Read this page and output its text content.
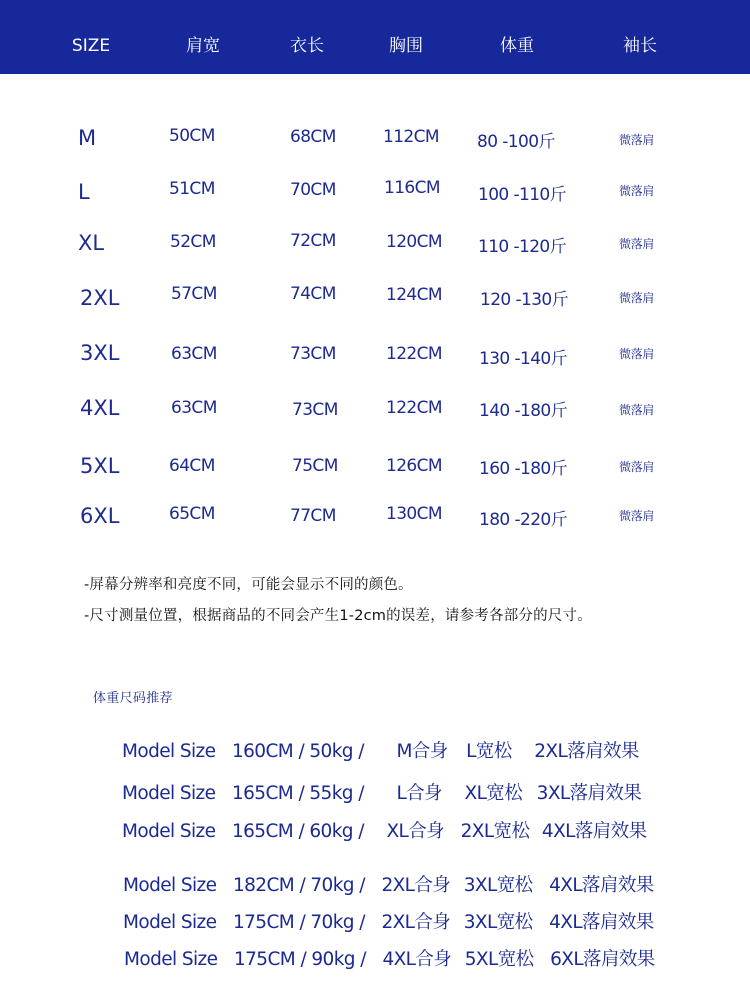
SIZE	肩宽	衣长	胸围	体重	袖长
M	50CM	68CM	112CM 80 -100斤	微落肩
L	51CM	70CM	116CM 100 -110斤	微落肩
XL	52CM	72CM	120CM 110 -120斤	微落肩
2XL	57CM	74CM	124CM 120 -130斤	微落肩
3XL	63CM	73CM	122CM 130 -140斤	微落肩
4XL	63CM	73CM	122CM 140 -180斤	微落肩
5XL	64CM	75CM	126CM 160 -180斤	微落肩
6XL	65CM	77CM	130CM 180 -220斤	微落肩
-屏幕分辨率和亮度不同，可能会显示不同的颜色。
-尺寸测量位置，根据商品的不同会产生1-2cm的误差，请参考各部分的尺寸。
体重尺码推荐
Model Size 160CM / 50kg / M合身 L宽松 2XL落肩效果
Model Size 165CM / 55kg / L合身 XL宽松 3XL落肩效果
Model Size 165CM / 60kg / XL合身 2XL宽松 4XL落肩效果
Model Size 182CM / 70kg / 2XL合身 3XL宽松 4XL落肩效果
Model Size 175CM / 70kg / 2XL合身 3XL宽松 4XL落肩效果
Model Size 175CM / 90kg / 4XL合身 5XL宽松 6XL落肩效果
